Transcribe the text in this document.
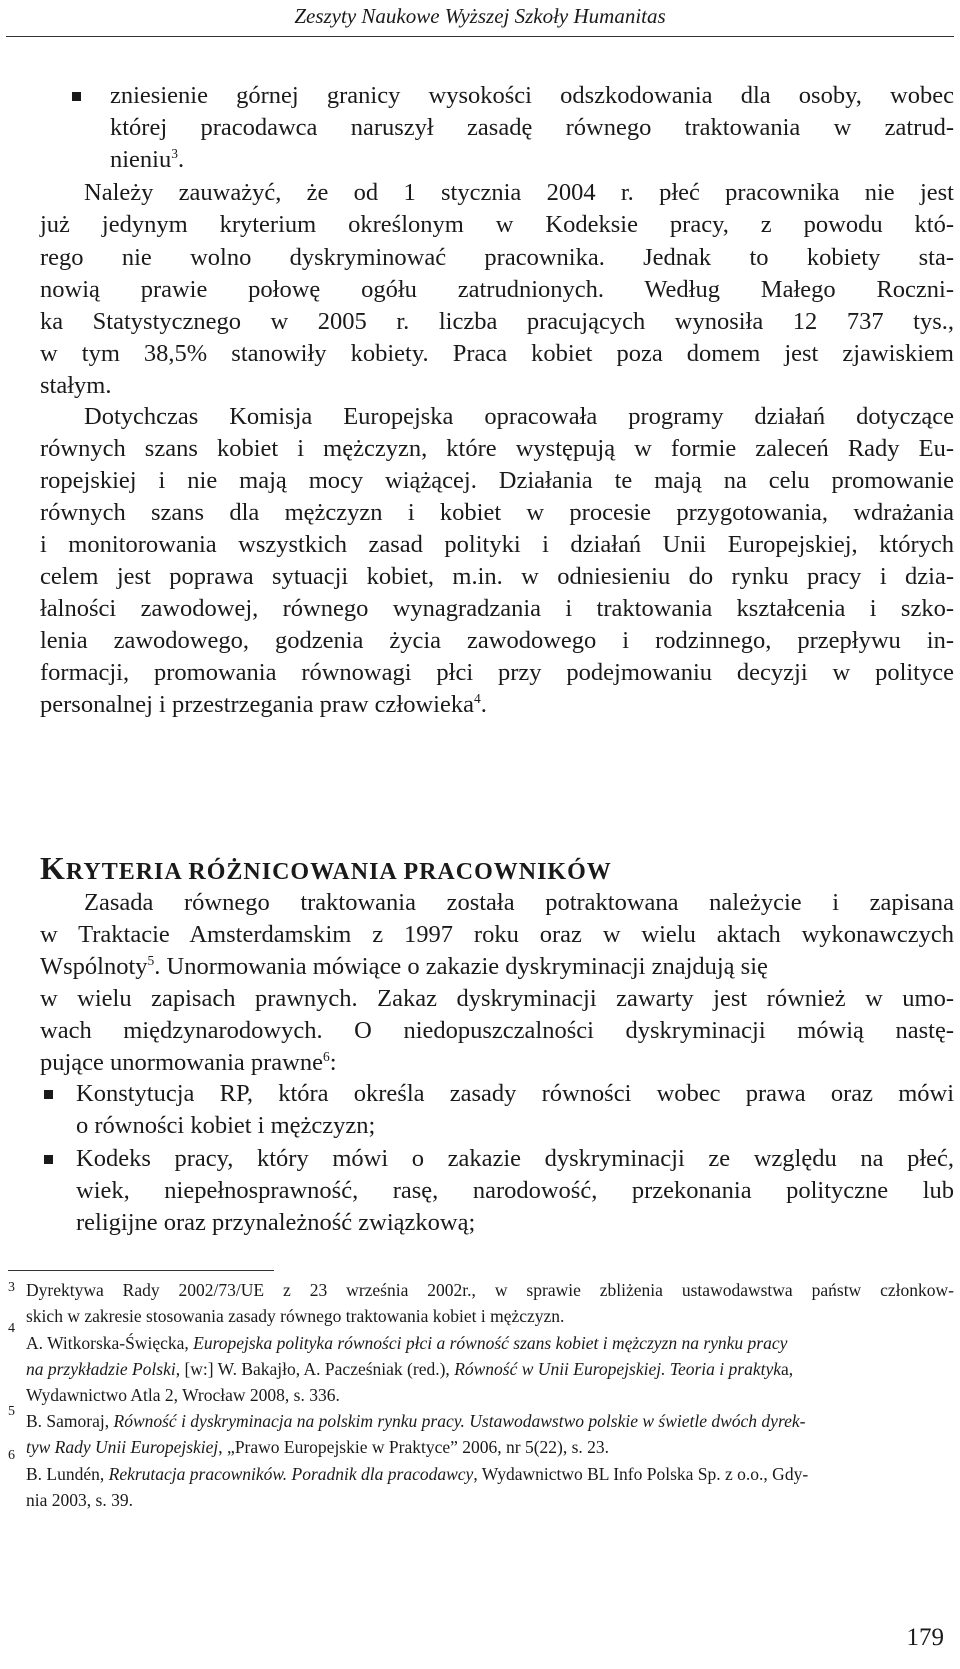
Zeszyty Naukowe Wyższej Szkoły Humanitas
zniesienie górnej granicy wysokości odszkodowania dla osoby, wobec
której pracodawca naruszył zasadę równego traktowania w zatrud-
nieniu$^3$.
Należy zauważyć, że od 1 stycznia 2004 r. płeć pracownika nie jest
już jedynym kryterium określonym w Kodeksie pracy, z powodu któ-
rego nie wolno dyskryminować pracownika. Jednak to kobiety sta-
nowią prawie połowę ogółu zatrudnionych. Według Małego Roczni-
ka Statystycznego w 2005 r. liczba pracujących wynosiła 12 737 tys.,
w tym 38,5% stanowiły kobiety. Praca kobiet poza domem jest zjawiskiem
stałym.
Dotychczas Komisja Europejska opracowała programy działań dotyczące
równych szans kobiet i mężczyzn, które występują w formie zaleceń Rady Eu-
ropejskiej i nie mają mocy wiążącej. Działania te mają na celu promowanie
równych szans dla mężczyzn i kobiet w procesie przygotowania, wdrażania
i monitorowania wszystkich zasad polityki i działań Unii Europejskiej, których
celem jest poprawa sytuacji kobiet, m.in. w odniesieniu do rynku pracy i dzia-
łalności zawodowej, równego wynagradzania i traktowania kształcenia i szko-
lenia zawodowego, godzenia życia zawodowego i rodzinnego, przepływu in-
formacji, promowania równowagi płci przy podejmowaniu decyzji w polityce
personalnej i przestrzegania praw człowieka$^4$.
KRYTERIA RÓŻNICOWANIA PRACOWNIKÓW
Zasada równego traktowania została potraktowana należycie i zapisana
w Traktacie Amsterdamskim z 1997 roku oraz w wielu aktach wykonawczych
Wspólnoty$^5$. Unormowania mówiące o zakazie dyskryminacji znajdują się
w wielu zapisach prawnych. Zakaz dyskryminacji zawarty jest również w umo-
wach międzynarodowych. O niedopuszczalności dyskryminacji mówią nastę-
pujące unormowania prawne$^6$:
Konstytucja RP, która określa zasady równości wobec prawa oraz mówi
o równości kobiet i mężczyzn;
Kodeks pracy, który mówi o zakazie dyskryminacji ze względu na płeć,
wiek, niepełnosprawność, rasę, narodowość, przekonania polityczne lub
religijne oraz przynależność związkową;
3 Dyrektywa Rady 2002/73/UE z 23 września 2002r., w sprawie zbliżenia ustawodawstwa państw członkow-
skich w zakresie stosowania zasady równego traktowania kobiet i mężczyzn.
4
A. Witkorska-Święcka, Europejska polityka równości płci a równość szans kobiet i mężczyzn na rynku pracy
na przykładzie Polski, [w:] W. Bakajło, A. Pacześniak (red.), Równość w Unii Europejskiej. Teoria i praktyka,
Wydawnictwo Atla 2, Wrocław 2008, s. 336.
5 B. Samoraj, Równość i dyskryminacja na polskim rynku pracy. Ustawodawstwo polskie w świetle dwóch dyrek-
tyw Rady Unii Europejskiej, „Prawo Europejskie w Praktyce” 2006, nr 5(22), s. 23.
6
B. Lundén, Rekrutacja pracowników. Poradnik dla pracodawcy, Wydawnictwo BL Info Polska Sp. z o.o., Gdy-
nia 2003, s. 39.
179
